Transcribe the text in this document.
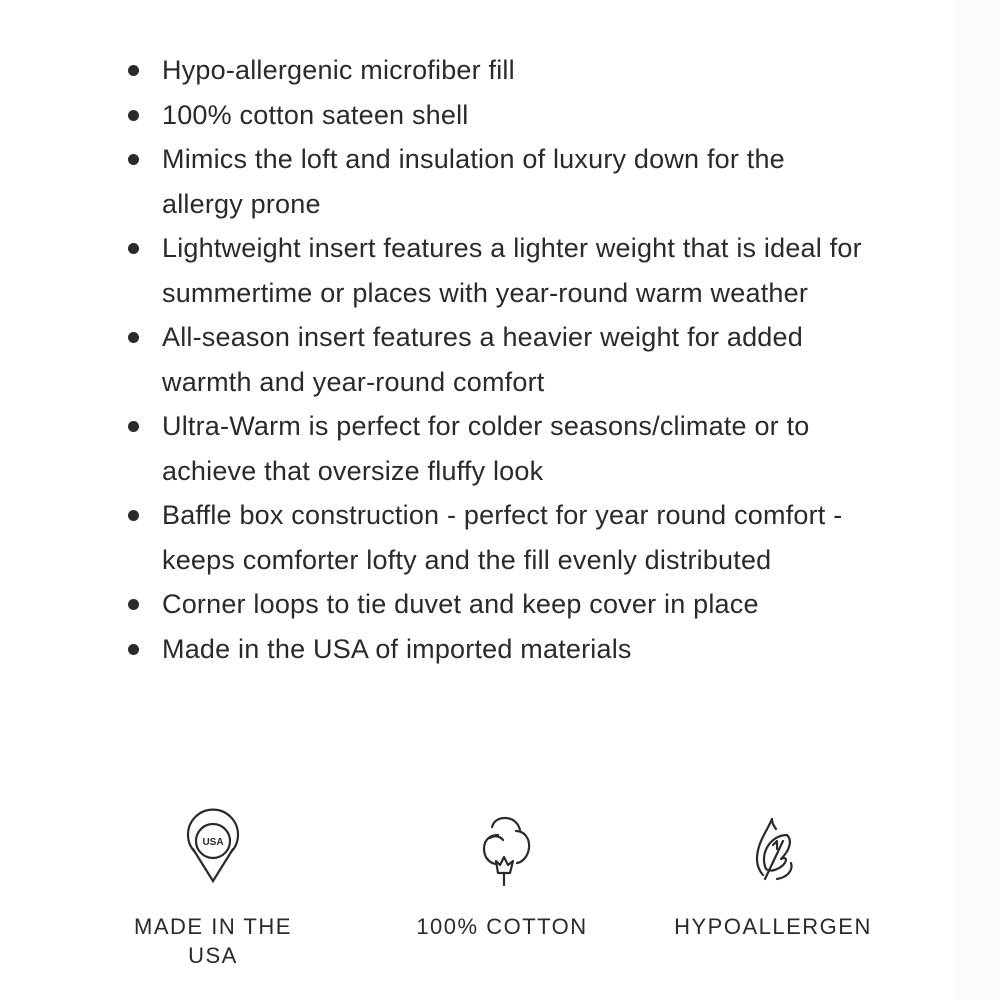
Hypo-allergenic microfiber fill
100% cotton sateen shell
Mimics the loft and insulation of luxury down for the allergy prone
Lightweight insert features a lighter weight that is ideal for summertime or places with year-round warm weather
All-season insert features a heavier weight for added warmth and year-round comfort
Ultra-Warm is perfect for colder seasons/climate or to achieve that oversize fluffy look
Baffle box construction - perfect for year round comfort - keeps comforter lofty and the fill evenly distributed
Corner loops to tie duvet and keep cover in place
Made in the USA of imported materials
USA
MADE IN THE USA
100% COTTON	HYPOALLERGEN
